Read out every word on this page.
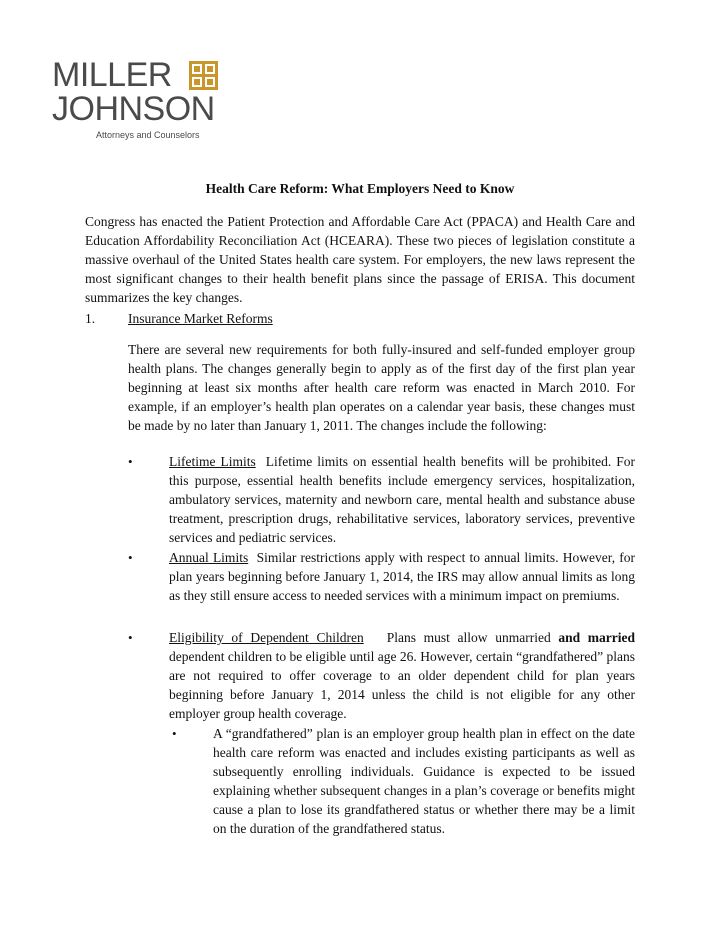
MILLER
JOHNSON
Attorneys and Counselors
Health Care Reform: What Employers Need to Know

Congress has enacted the Patient Protection and Affordable Care Act (PPACA) and Health Care and Education Affordability Reconciliation Act (HCEARA). These two pieces of legislation constitute a massive overhaul of the United States health care system. For employers, the new laws represent the most significant changes to their health benefit plans since the passage of ERISA. This document summarizes the key changes.

1. Insurance Market Reforms

There are several new requirements for both fully-insured and self-funded employer group health plans. The changes generally begin to apply as of the first day of the first plan year beginning at least six months after health care reform was enacted in March 2010. For example, if an employer’s health plan operates on a calendar year basis, these changes must be made by no later than January 1, 2011. The changes include the following:

•	Lifetime Limits Lifetime limits on essential health benefits will be prohibited. For this purpose, essential health benefits include emergency services, hospitalization, ambulatory services, maternity and newborn care, mental health and substance abuse treatment, prescription drugs, rehabilitative services, laboratory services, preventive services and pediatric services.

•	Annual Limits Similar restrictions apply with respect to annual limits. However, for plan years beginning before January 1, 2014, the IRS may allow annual limits as long as they still ensure access to needed services with a minimum impact on premiums.

•	Eligibility of Dependent Children Plans must allow unmarried and married dependent children to be eligible until age 26. However, certain “grandfathered” plans are not required to offer coverage to an older dependent child for plan years beginning before January 1, 2014 unless the child is not eligible for any other employer group health coverage.

•	A “grandfathered” plan is an employer group health plan in effect on the date health care reform was enacted and includes existing participants as well as subsequently enrolling individuals. Guidance is expected to be issued explaining whether subsequent changes in a plan’s coverage or benefits might cause a plan to lose its grandfathered status or whether there may be a limit on the duration of the grandfathered status.
